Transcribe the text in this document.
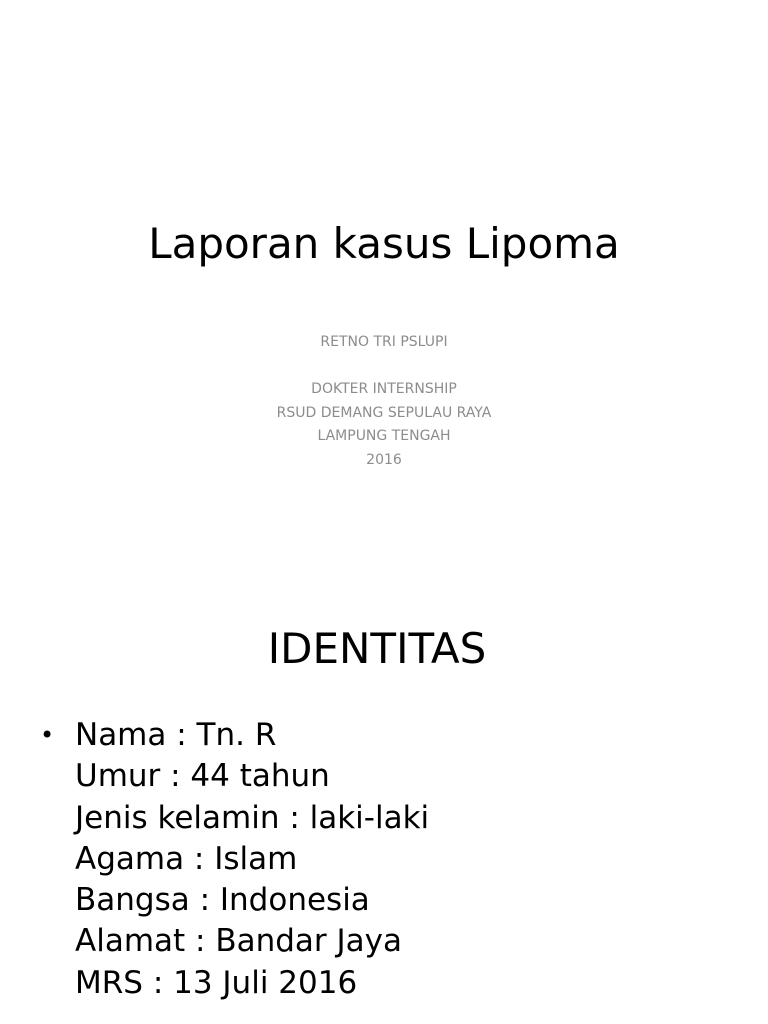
Laporan kasus Lipoma
RETNO TRI PSLUPI
DOKTER INTERNSHIP
RSUD DEMANG SEPULAU RAYA
LAMPUNG TENGAH
2016
IDENTITAS
• Nama : Tn. R
Umur : 44 tahun
Jenis kelamin : laki-laki
Agama : Islam
Bangsa : Indonesia
Alamat : Bandar Jaya
MRS : 13 Juli 2016
